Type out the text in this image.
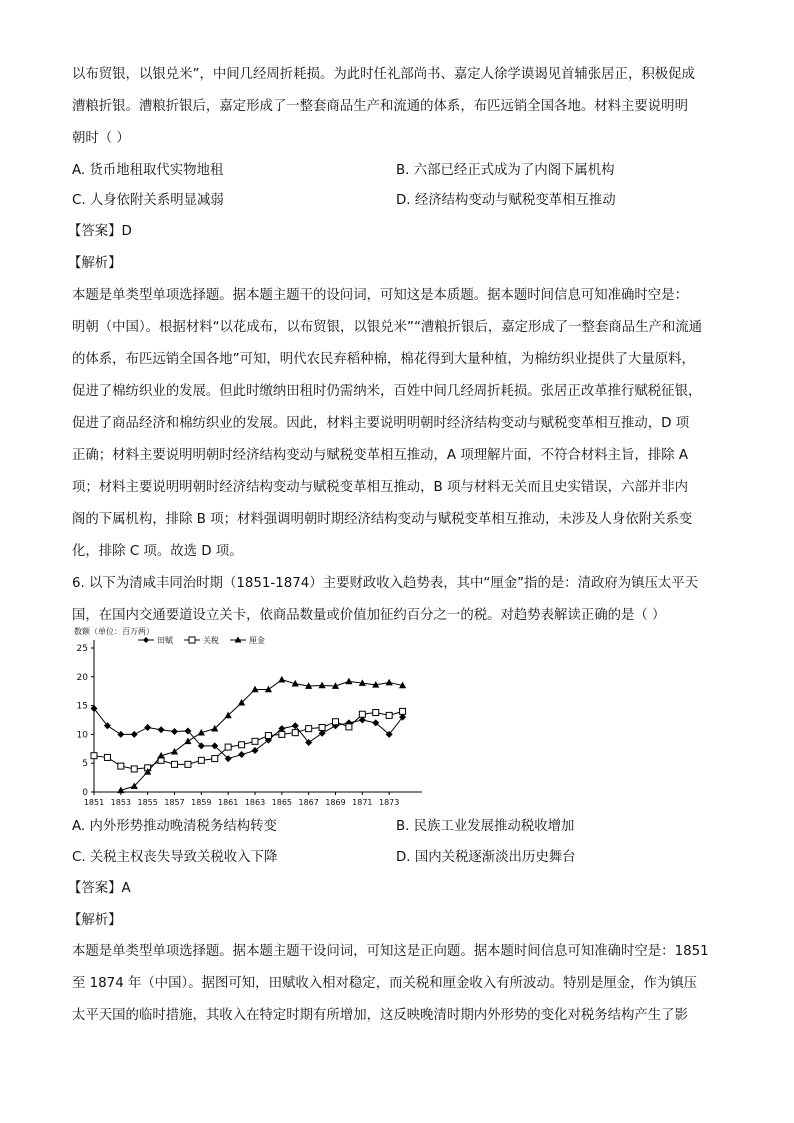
以布贸银，以银兑米”，中间几经周折耗损。为此时任礼部尚书、嘉定人徐学谟谒见首辅张居正，积极促成
漕粮折银。漕粮折银后，嘉定形成了一整套商品生产和流通的体系，布匹远销全国各地。材料主要说明明
朝时（ ）
A. 货币地租取代实物地租	B. 六部已经正式成为了内阁下属机构
C. 人身依附关系明显减弱	D. 经济结构变动与赋税变革相互推动
【答案】D
【解析】
本题是单类型单项选择题。据本题主题干的设问词，可知这是本质题。据本题时间信息可知准确时空是：
明朝（中国）。根据材料“以花成布，以布贸银，以银兑米”“漕粮折银后，嘉定形成了一整套商品生产和流通
的体系，布匹远销全国各地”可知，明代农民弃稻种棉，棉花得到大量种植，为棉纺织业提供了大量原料，
促进了棉纺织业的发展。但此时缴纳田租时仍需纳米，百姓中间几经周折耗损。张居正改革推行赋税征银，
促进了商品经济和棉纺织业的发展。因此，材料主要说明明朝时经济结构变动与赋税变革相互推动，D 项
正确；材料主要说明明朝时经济结构变动与赋税变革相互推动，A 项理解片面，不符合材料主旨，排除 A
项；材料主要说明明朝时经济结构变动与赋税变革相互推动，B 项与材料无关而且史实错误，六部并非内
阁的下属机构，排除 B 项；材料强调明朝时期经济结构变动与赋税变革相互推动，未涉及人身依附关系变
化，排除 C 项。故选 D 项。
6. 以下为清咸丰同治时期（1851-1874）主要财政收入趋势表，其中“厘金”指的是：清政府为镇压太平天
国，在国内交通要道设立关卡，依商品数量或价值加征约百分之一的税。对趋势表解读正确的是（ ）
数额（单位：百万两）
0
5
10
15
20
25
1851 1853 1855 1857 1859 1861 1863 1865 1867 1869 1871 1873
田赋	关税	厘金
A. 内外形势推动晚清税务结构转变	B. 民族工业发展推动税收增加
C. 关税主权丧失导致关税收入下降	D. 国内关税逐渐淡出历史舞台
【答案】A
【解析】
本题是单类型单项选择题。据本题主题干设问词，可知这是正向题。据本题时间信息可知准确时空是：1851
至 1874 年（中国）。据图可知，田赋收入相对稳定，而关税和厘金收入有所波动。特别是厘金，作为镇压
太平天国的临时措施，其收入在特定时期有所增加，这反映晚清时期内外形势的变化对税务结构产生了影
